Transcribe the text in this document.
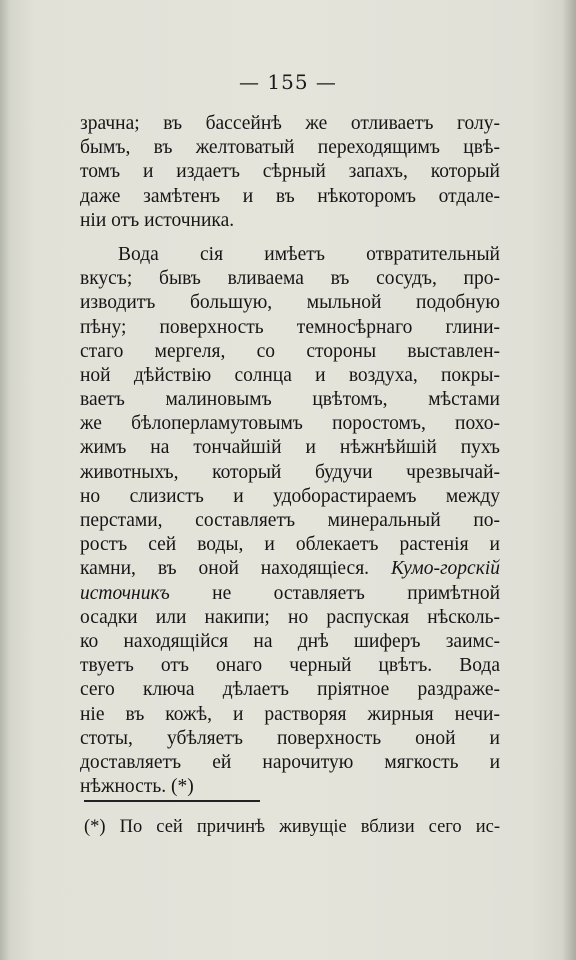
— 155 —
зрачна; въ бассейнѣ же отливаетъ голу-
бымъ, въ желтоватый переходящимъ цвѣ-
томъ и издаетъ сѣрный запахъ, который
даже замѣтенъ и въ нѣкоторомъ отдале-
ніи отъ источника.
Вода сія имѣетъ отвратительный
вкусъ; бывъ вливаема въ сосудъ, про-
изводитъ большую, мыльной подобную
пѣну; поверхность темносѣрнаго глини-
стаго мергеля, со стороны выставлен-
ной дѣйствію солнца и воздуха, покры-
ваетъ малиновымъ цвѣтомъ, мѣстами
же бѣлоперламутовымъ поростомъ, похо-
жимъ на тончайшій и нѣжнѣйшій пухъ
животныхъ, который будучи чрезвычай-
но слизистъ и удоборастираемъ между
перстами, составляетъ минеральный по-
ростъ сей воды, и облекаетъ растенія и
камни, въ оной находящіеся. Кумо-горскій
источникъ не оставляетъ примѣтной
осадки или накипи; но распуская нѣсколь-
ко находящійся на днѣ шиферъ заимс-
твуетъ отъ онаго черный цвѣтъ. Вода
сего ключа дѣлаетъ пріятное раздраже-
ніе въ кожѣ, и растворяя жирныя нечи-
стоты, убѣляетъ поверхность оной и
доставляетъ ей нарочитую мягкость и
нѣжность. (*)
(*) По сей причинѣ живущіе вблизи сего ис-
